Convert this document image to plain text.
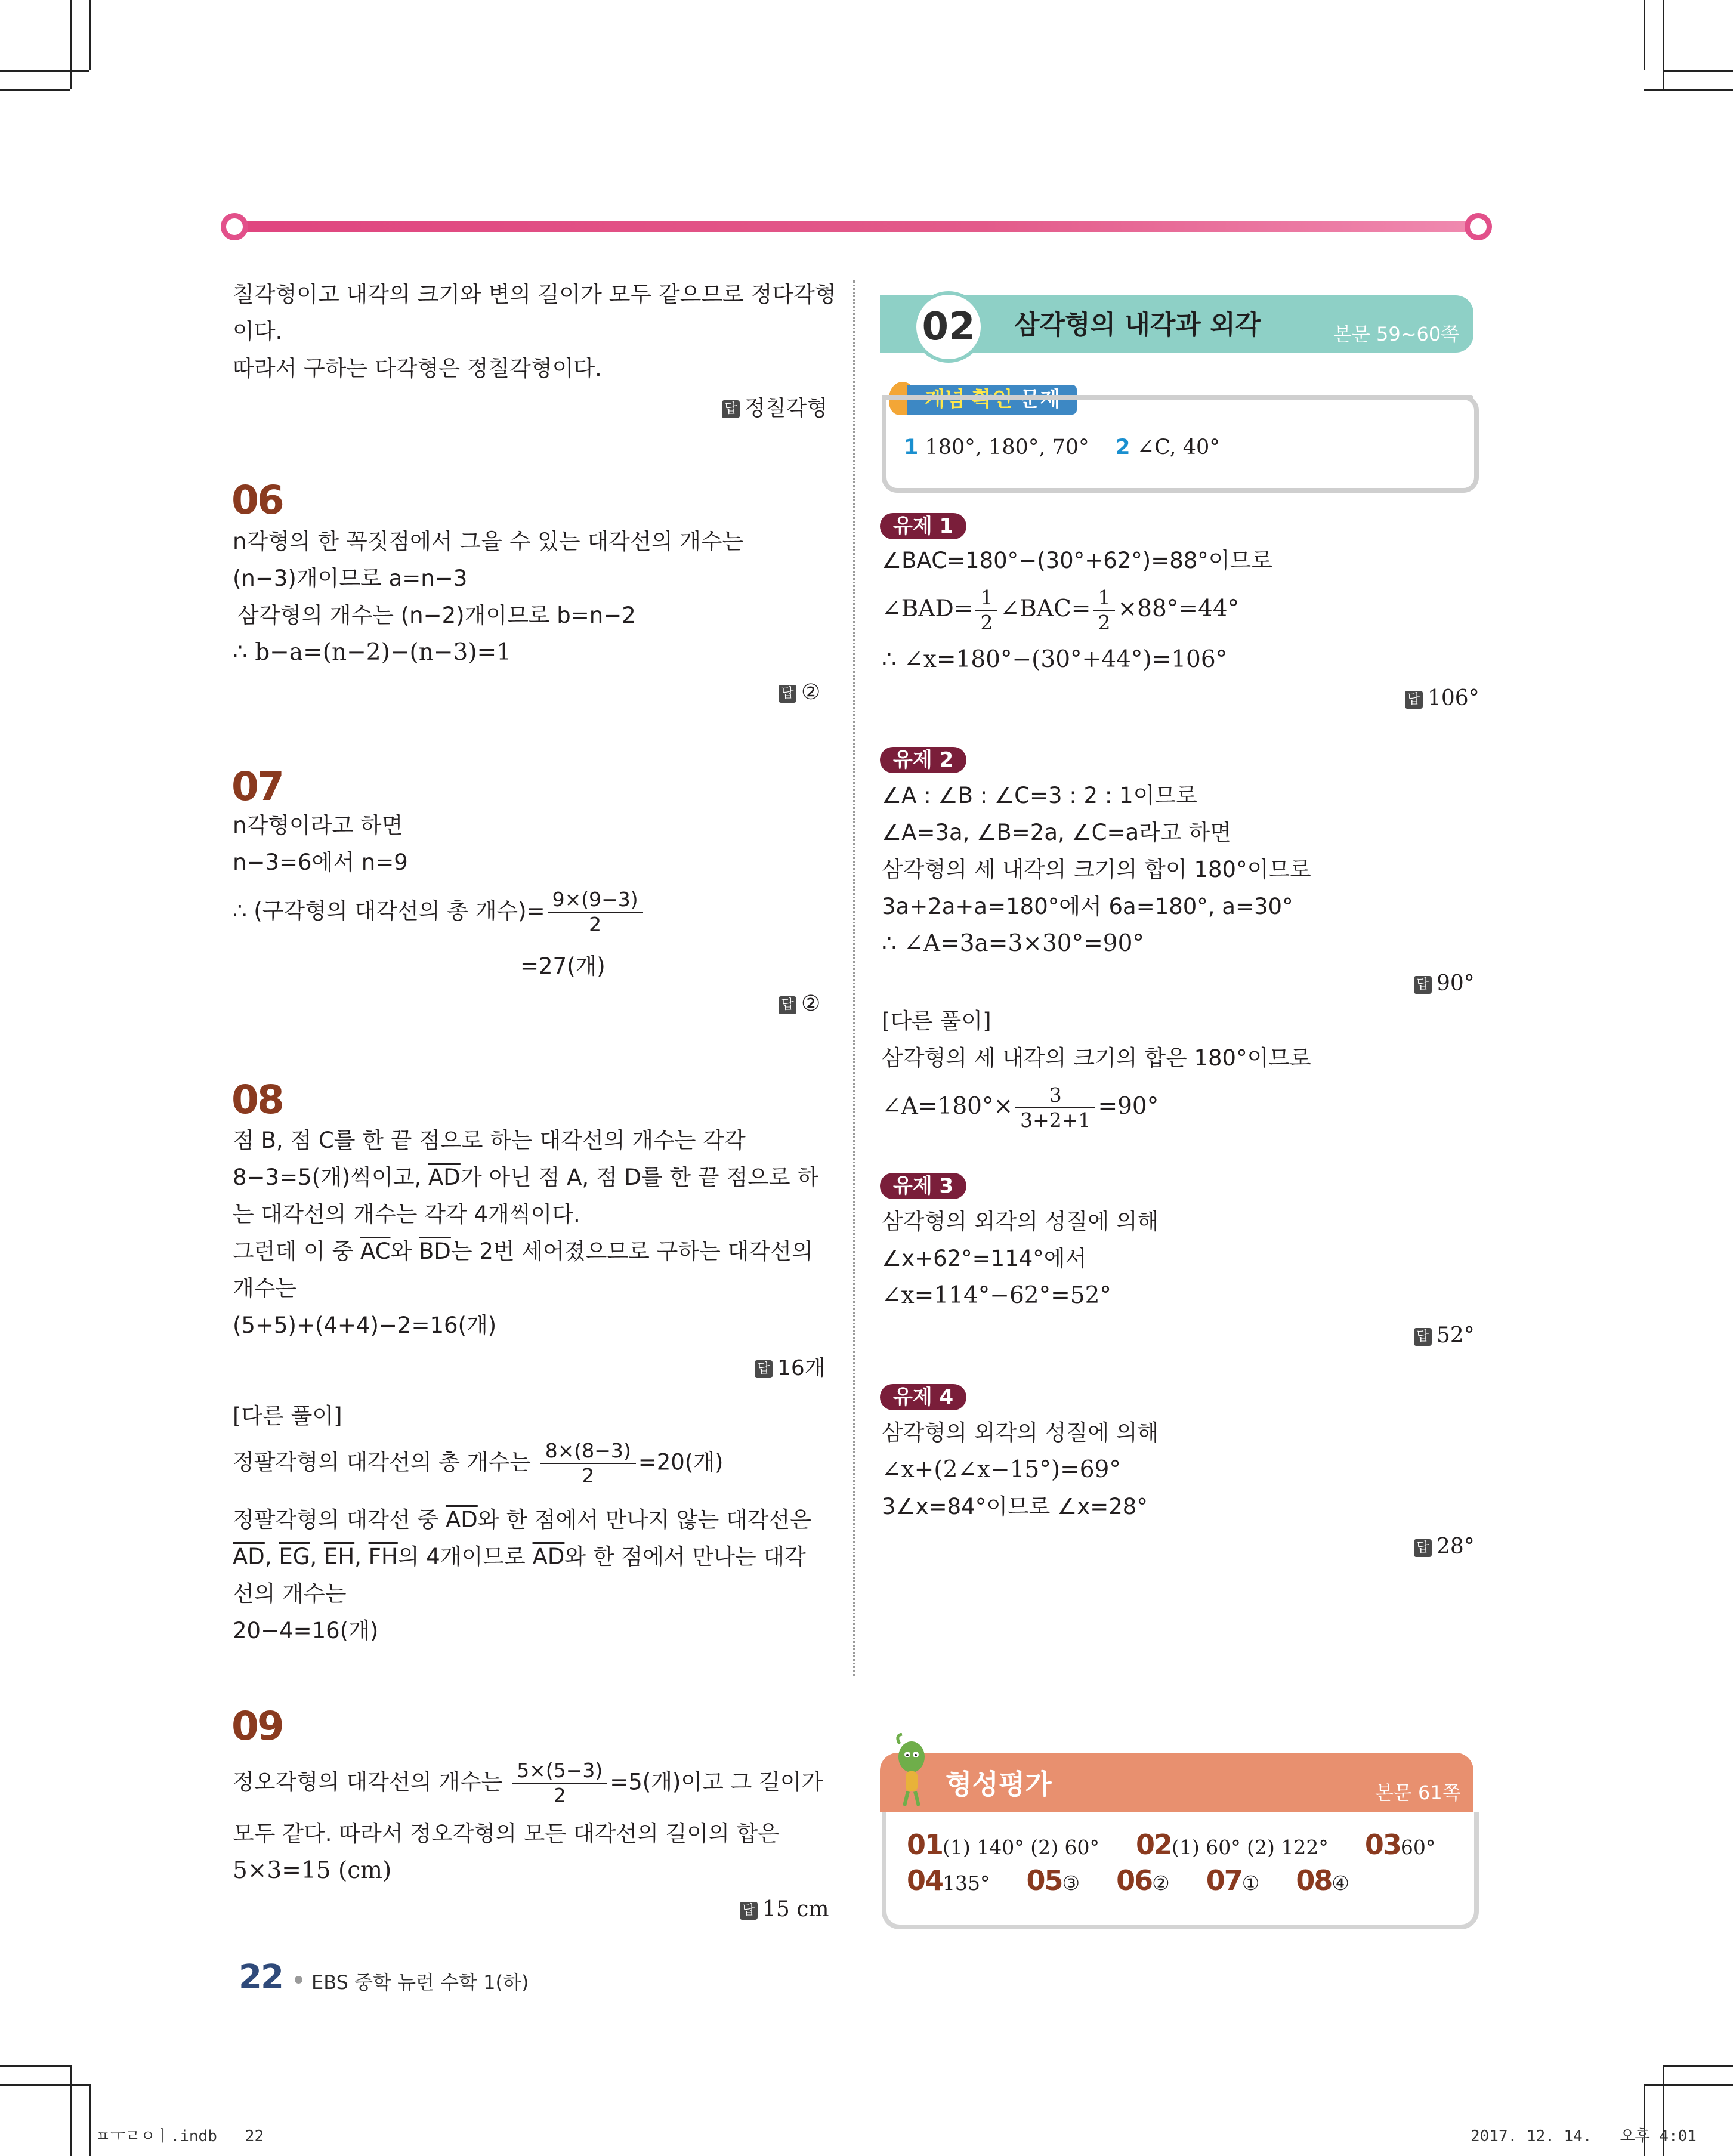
칠각형이고 내각의 크기와 변의 길이가 모두 같으므로 정다각형
이다.
따라서 구하는 다각형은 정칠각형이다.
답 정칠각형
06
n각형의 한 꼭짓점에서 그을 수 있는 대각선의 개수는
(n−3)개이므로 a=n−3
삼각형의 개수는 (n−2)개이므로 b=n−2
∴ b−a=(n−2)−(n−3)=1
답 ②
07
n각형이라고 하면
n−3=6에서 n=9
∴ (구각형의 대각선의 총 개수)= $\frac{9\times(9-3)}{2}$
=27(개)
답 ②
08
점 B, 점 C를 한 끝 점으로 하는 대각선의 개수는 각각
8−3=5(개)씩이고, $\overline{AD}$가 아닌 점 A, 점 D를 한 끝 점으로 하
는 대각선의 개수는 각각 4개씩이다.
그런데 이 중 $\overline{AC}$와 $\overline{BD}$는 2번 세어졌으므로 구하는 대각선의
개수는
(5+5)+(4+4)−2=16(개)
답 16개
[다른 풀이]
정팔각형의 대각선의 총 개수는 $\frac{8\times(8-3)}{2} =20$(개)
정팔각형의 대각선 중 $\overline{AD}$와 한 점에서 만나지 않는 대각선은
$\overline{AD}$, $\overline{EG}$, $\overline{EH}$, $\overline{FH}$의 4개이므로 $\overline{AD}$와 한 점에서 만나는 대각
선의 개수는
20−4=16(개)
09
정오각형의 대각선의 개수는 $\frac{5\times(5-3)}{2} =5$(개)이고 그 길이가
모두 같다. 따라서 정오각형의 모든 대각선의 길이의 합은
5×3=15 (cm)
답 15 cm
02	삼각형의 내각과 외각	본문 59~60쪽
개념 확인 문제
1 180°, 180°, 70° 2 ∠C, 40°
유제 1
∠BAC=180°−(30°+62°)=88°이므로
∠BAD= $\frac{1}{2}$ ∠BAC= $\frac{1}{2} \times 88^\circ=44^\circ$
∴ ∠x=180°−(30°+44°)=106°
답 106°
유제 2
∠A : ∠B : ∠C=3 : 2 : 1이므로
∠A=3a, ∠B=2a, ∠C=a라고 하면
삼각형의 세 내각의 크기의 합이 180°이므로
3a+2a+a=180°에서 6a=180°, a=30°
∴ ∠A=3a=3×30°=90°
답 90°
[다른 풀이]
삼각형의 세 내각의 크기의 합은 180°이므로
∠A=180°× $\frac{3}{3+2+1} =90^\circ$
유제 3
삼각형의 외각의 성질에 의해
∠x+62°=114°에서
∠x=114°−62°=52°
답 52°
유제 4
삼각형의 외각의 성질에 의해
∠x+(2∠x−15°)=69°
3∠x=84°이므로 ∠x=28°
답 28°
형성평가	본문 61쪽
01(1) 140° (2) 60° 02(1) 60° (2) 122° 0360°
04135° 05③ 06② 07① 08④
22 EBS 중학 뉴런 수학 1(하)
ㅍㅜㄹㅇㅣ.indb   22	2017. 12. 14.   오후 4:01
